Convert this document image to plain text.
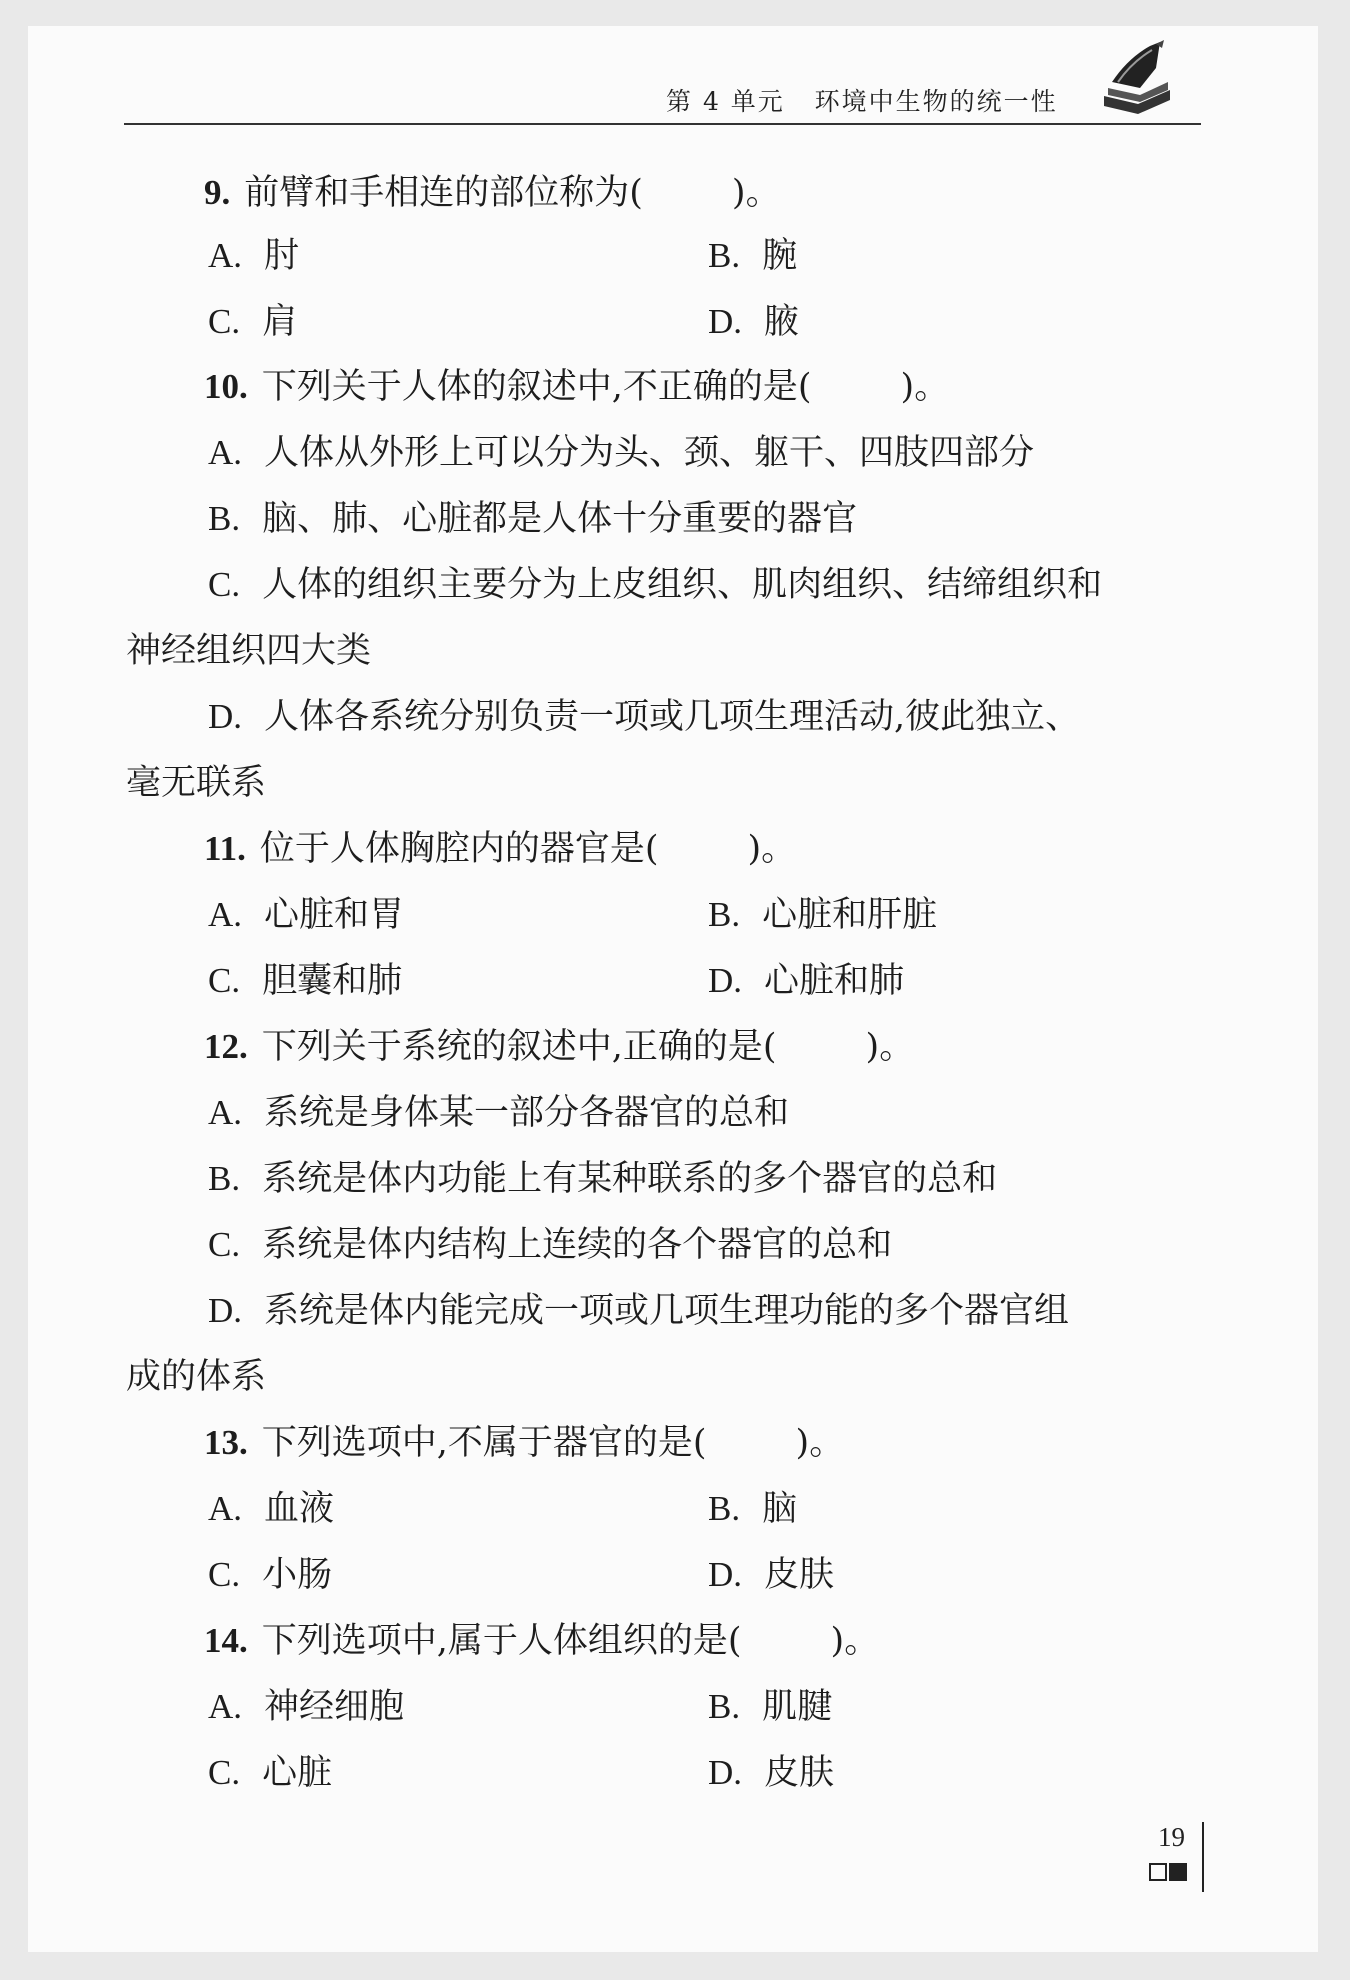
第 4 单元   环境中生物的统一性
9. 前臂和手相连的部位称为(        )。
A. 肘	B. 腕
C. 肩	D. 腋
10. 下列关于人体的叙述中,不正确的是(        )。
A. 人体从外形上可以分为头、颈、躯干、四肢四部分
B. 脑、肺、心脏都是人体十分重要的器官
C. 人体的组织主要分为上皮组织、肌肉组织、结缔组织和
神经组织四大类
D. 人体各系统分别负责一项或几项生理活动,彼此独立、
毫无联系
11. 位于人体胸腔内的器官是(        )。
A. 心脏和胃	B. 心脏和肝脏
C. 胆囊和肺	D. 心脏和肺
12. 下列关于系统的叙述中,正确的是(        )。
A. 系统是身体某一部分各器官的总和
B. 系统是体内功能上有某种联系的多个器官的总和
C. 系统是体内结构上连续的各个器官的总和
D. 系统是体内能完成一项或几项生理功能的多个器官组
成的体系
13. 下列选项中,不属于器官的是(        )。
A. 血液	B. 脑
C. 小肠	D. 皮肤
14. 下列选项中,属于人体组织的是(        )。
A. 神经细胞	B. 肌腱
C. 心脏	D. 皮肤
19
